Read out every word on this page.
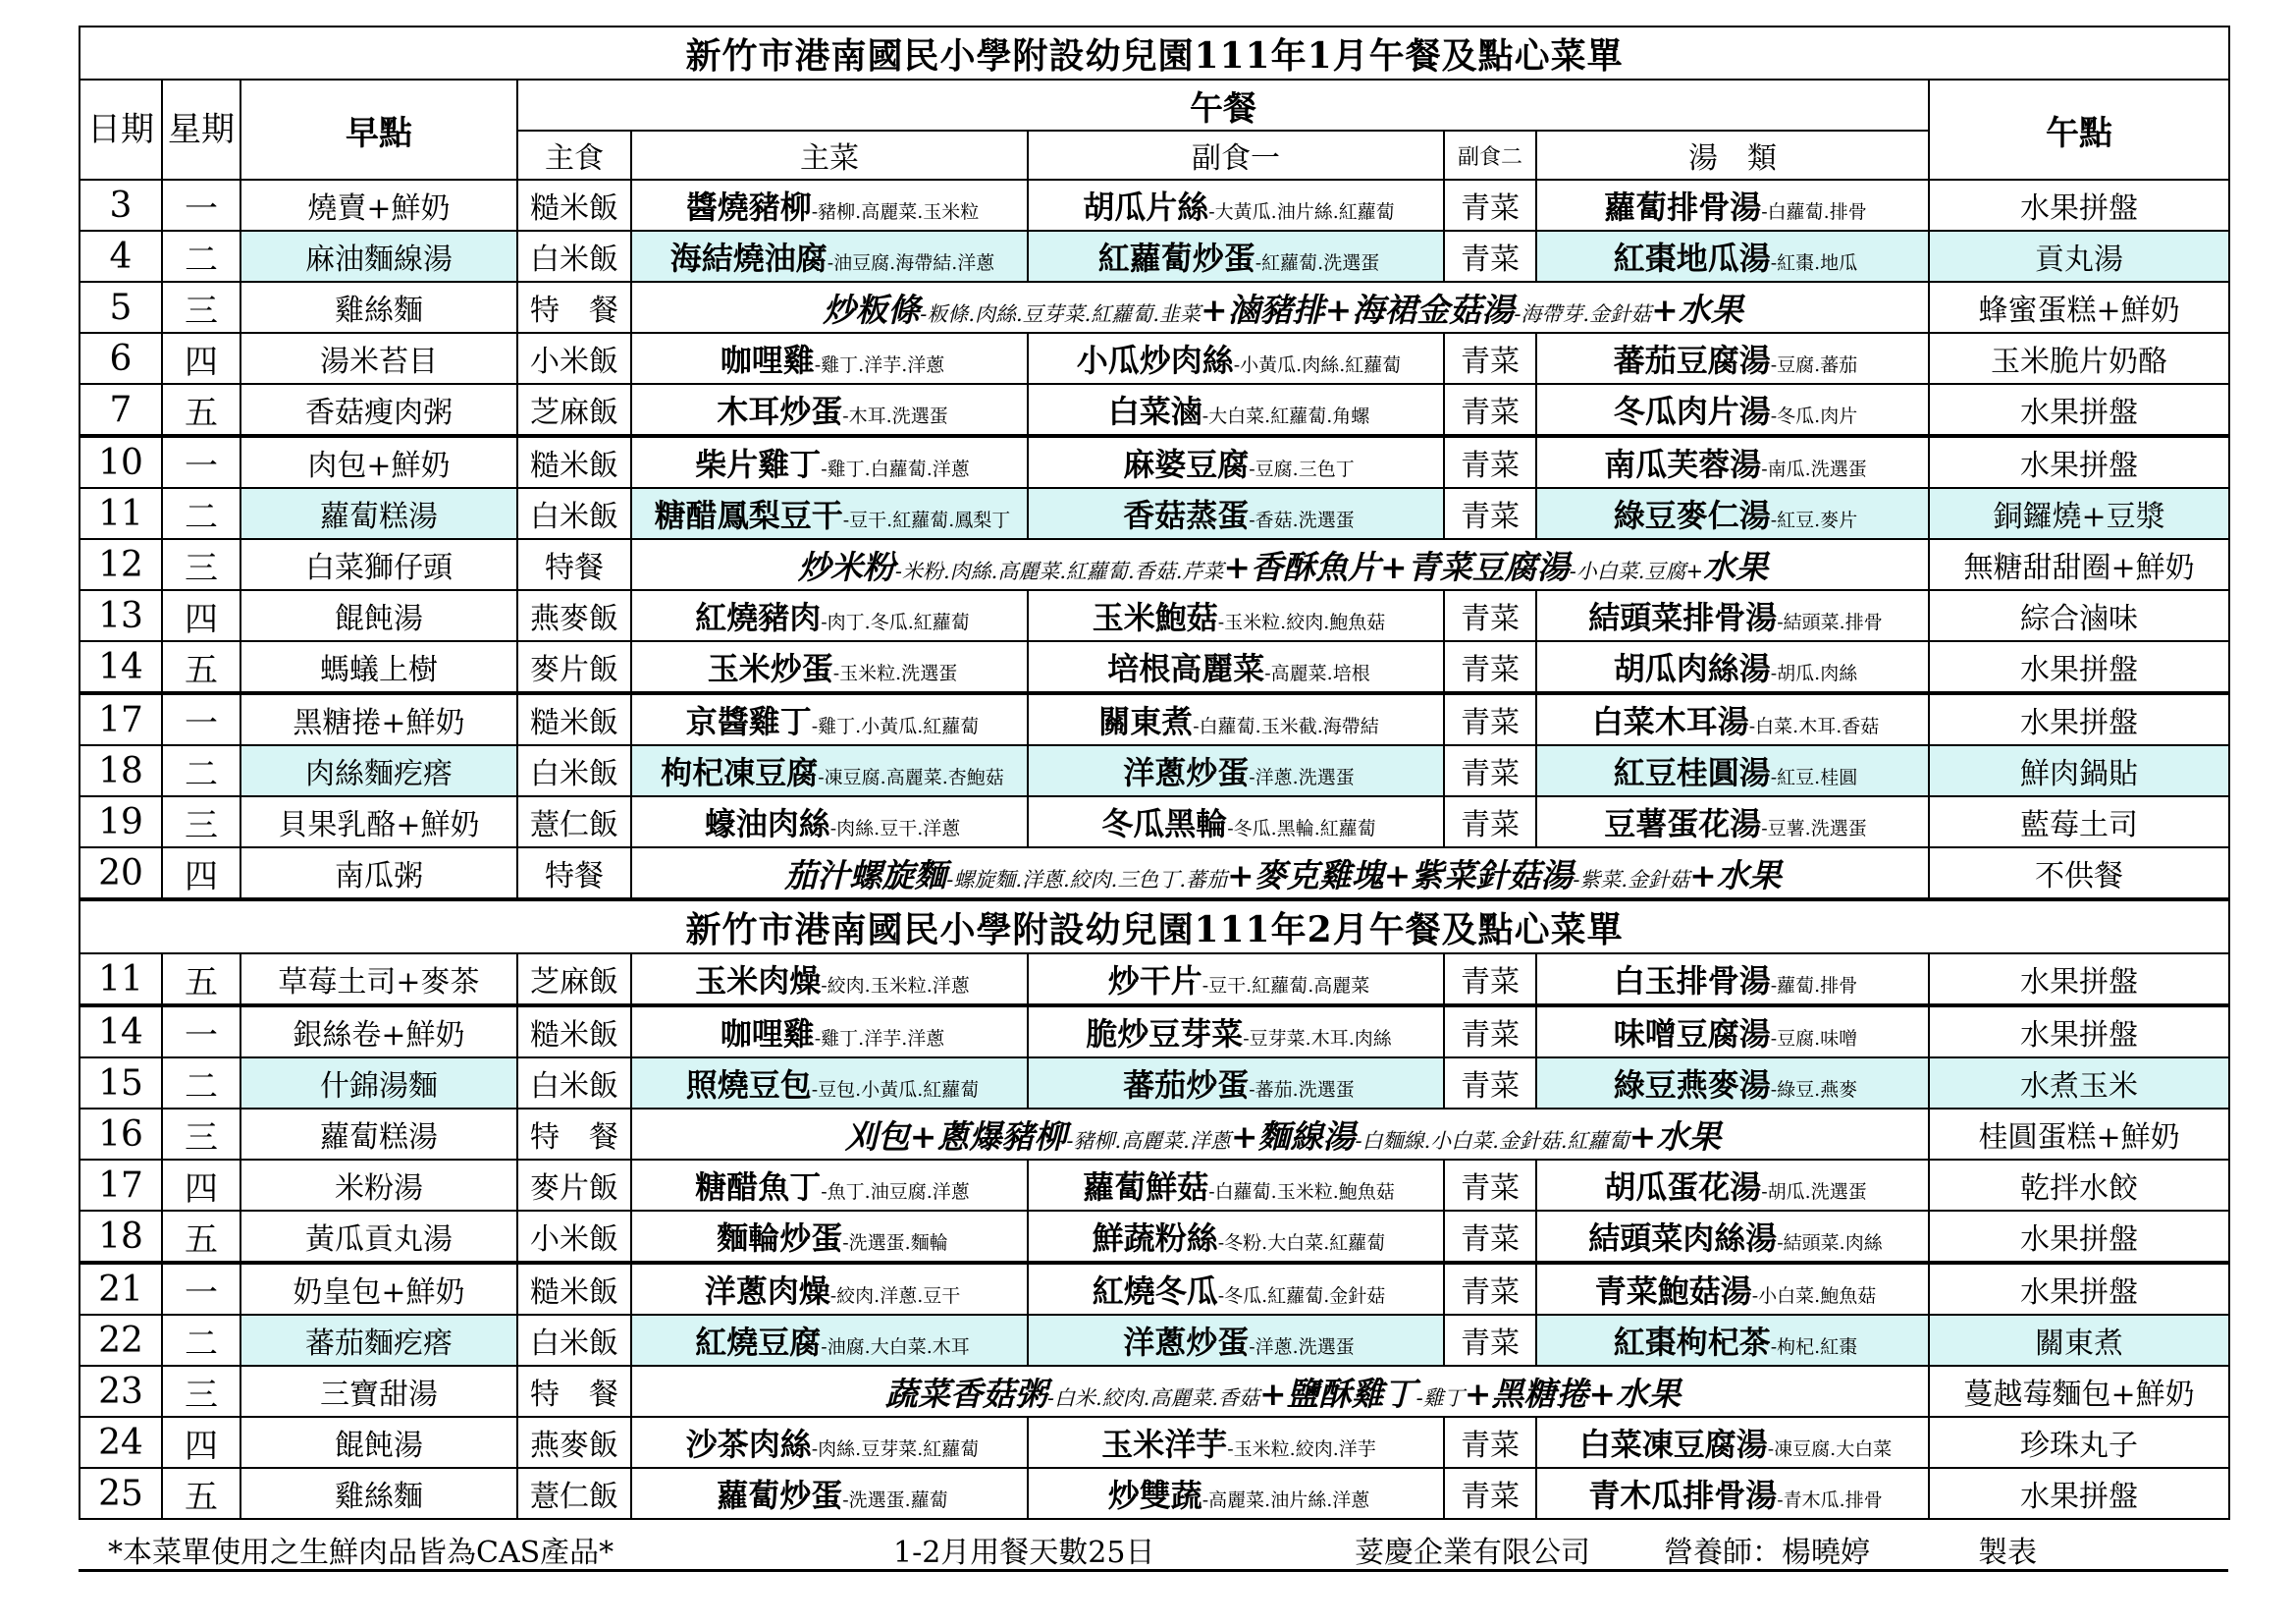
新竹市港南國民小學附設幼兒園111年1月午餐及點心菜單								
日期	星期	早點	午餐					午點
			主食	主菜	副食一	副食二	湯　類	
3	一	燒賣+鮮奶	糙米飯	醬燒豬柳-豬柳.高麗菜.玉米粒	胡瓜片絲-大黃瓜.油片絲.紅蘿蔔	青菜	蘿蔔排骨湯-白蘿蔔.排骨	水果拼盤
4	二	麻油麵線湯	白米飯	海結燒油腐-油豆腐.海帶結.洋蔥	紅蘿蔔炒蛋-紅蘿蔔.洗選蛋	青菜	紅棗地瓜湯-紅棗.地瓜	貢丸湯
5	三	雞絲麵	特　餐	炒粄條-粄條.肉絲.豆芽菜.紅蘿蔔.韭菜+滷豬排+海裙金菇湯-海帶芽.金針菇+水果				蜂蜜蛋糕+鮮奶
6	四	湯米苔目	小米飯	咖哩雞-雞丁.洋芋.洋蔥	小瓜炒肉絲-小黃瓜.肉絲.紅蘿蔔	青菜	蕃茄豆腐湯-豆腐.蕃茄	玉米脆片奶酪
7	五	香菇瘦肉粥	芝麻飯	木耳炒蛋-木耳.洗選蛋	白菜滷-大白菜.紅蘿蔔.角螺	青菜	冬瓜肉片湯-冬瓜.肉片	水果拼盤
10	一	肉包+鮮奶	糙米飯	柴片雞丁-雞丁.白蘿蔔.洋蔥	麻婆豆腐-豆腐.三色丁	青菜	南瓜芙蓉湯-南瓜.洗選蛋	水果拼盤
11	二	蘿蔔糕湯	白米飯	糖醋鳳梨豆干-豆干.紅蘿蔔.鳳梨丁	香菇蒸蛋-香菇.洗選蛋	青菜	綠豆麥仁湯-紅豆.麥片	銅鑼燒+豆漿
12	三	白菜獅仔頭	特餐	炒米粉-米粉.肉絲.高麗菜.紅蘿蔔.香菇.芹菜+香酥魚片+青菜豆腐湯-小白菜.豆腐+水果				無糖甜甜圈+鮮奶
13	四	餛飩湯	燕麥飯	紅燒豬肉-肉丁.冬瓜.紅蘿蔔	玉米鮑菇-玉米粒.絞肉.鮑魚菇	青菜	結頭菜排骨湯-結頭菜.排骨	綜合滷味
14	五	螞蟻上樹	麥片飯	玉米炒蛋-玉米粒.洗選蛋	培根高麗菜-高麗菜.培根	青菜	胡瓜肉絲湯-胡瓜.肉絲	水果拼盤
17	一	黑糖捲+鮮奶	糙米飯	京醬雞丁-雞丁.小黃瓜.紅蘿蔔	關東煮-白蘿蔔.玉米截.海帶結	青菜	白菜木耳湯-白菜.木耳.香菇	水果拼盤
18	二	肉絲麵疙瘩	白米飯	枸杞凍豆腐-凍豆腐.高麗菜.杏鮑菇	洋蔥炒蛋-洋蔥.洗選蛋	青菜	紅豆桂圓湯-紅豆.桂圓	鮮肉鍋貼
19	三	貝果乳酪+鮮奶	薏仁飯	蠔油肉絲-肉絲.豆干.洋蔥	冬瓜黑輪-冬瓜.黑輪.紅蘿蔔	青菜	豆薯蛋花湯-豆薯.洗選蛋	藍莓土司
20	四	南瓜粥	特餐	茄汁螺旋麵-螺旋麵.洋蔥.絞肉.三色丁.蕃茄+麥克雞塊+紫菜針菇湯-紫菜.金針菇+水果				不供餐
新竹市港南國民小學附設幼兒園111年2月午餐及點心菜單								
11	五	草莓土司+麥茶	芝麻飯	玉米肉燥-絞肉.玉米粒.洋蔥	炒干片-豆干.紅蘿蔔.高麗菜	青菜	白玉排骨湯-蘿蔔.排骨	水果拼盤
14	一	銀絲卷+鮮奶	糙米飯	咖哩雞-雞丁.洋芋.洋蔥	脆炒豆芽菜-豆芽菜.木耳.肉絲	青菜	味噌豆腐湯-豆腐.味噌	水果拼盤
15	二	什錦湯麵	白米飯	照燒豆包-豆包.小黃瓜.紅蘿蔔	蕃茄炒蛋-蕃茄.洗選蛋	青菜	綠豆燕麥湯-綠豆.燕麥	水煮玉米
16	三	蘿蔔糕湯	特　餐	刈包+蔥爆豬柳-豬柳.高麗菜.洋蔥+麵線湯-白麵線.小白菜.金針菇.紅蘿蔔+水果				桂圓蛋糕+鮮奶
17	四	米粉湯	麥片飯	糖醋魚丁-魚丁.油豆腐.洋蔥	蘿蔔鮮菇-白蘿蔔.玉米粒.鮑魚菇	青菜	胡瓜蛋花湯-胡瓜.洗選蛋	乾拌水餃
18	五	黃瓜貢丸湯	小米飯	麵輪炒蛋-洗選蛋.麵輪	鮮蔬粉絲-冬粉.大白菜.紅蘿蔔	青菜	結頭菜肉絲湯-結頭菜.肉絲	水果拼盤
21	一	奶皇包+鮮奶	糙米飯	洋蔥肉燥-絞肉.洋蔥.豆干	紅燒冬瓜-冬瓜.紅蘿蔔.金針菇	青菜	青菜鮑菇湯-小白菜.鮑魚菇	水果拼盤
22	二	蕃茄麵疙瘩	白米飯	紅燒豆腐-油腐.大白菜.木耳	洋蔥炒蛋-洋蔥.洗選蛋	青菜	紅棗枸杞茶-枸杞.紅棗	關東煮
23	三	三寶甜湯	特　餐	蔬菜香菇粥-白米.絞肉.高麗菜.香菇+鹽酥雞丁-雞丁+黑糖捲+水果				蔓越莓麵包+鮮奶
24	四	餛飩湯	燕麥飯	沙茶肉絲-肉絲.豆芽菜.紅蘿蔔	玉米洋芋-玉米粒.絞肉.洋芋	青菜	白菜凍豆腐湯-凍豆腐.大白菜	珍珠丸子
25	五	雞絲麵	薏仁飯	蘿蔔炒蛋-洗選蛋.蘿蔔	炒雙蔬-高麗菜.油片絲.洋蔥	青菜	青木瓜排骨湯-青木瓜.排骨	水果拼盤
*本菜單使用之生鮮肉品皆為CAS產品*	1-2月用餐天數25日	荽慶企業有限公司	營養師：楊曉婷	製表
